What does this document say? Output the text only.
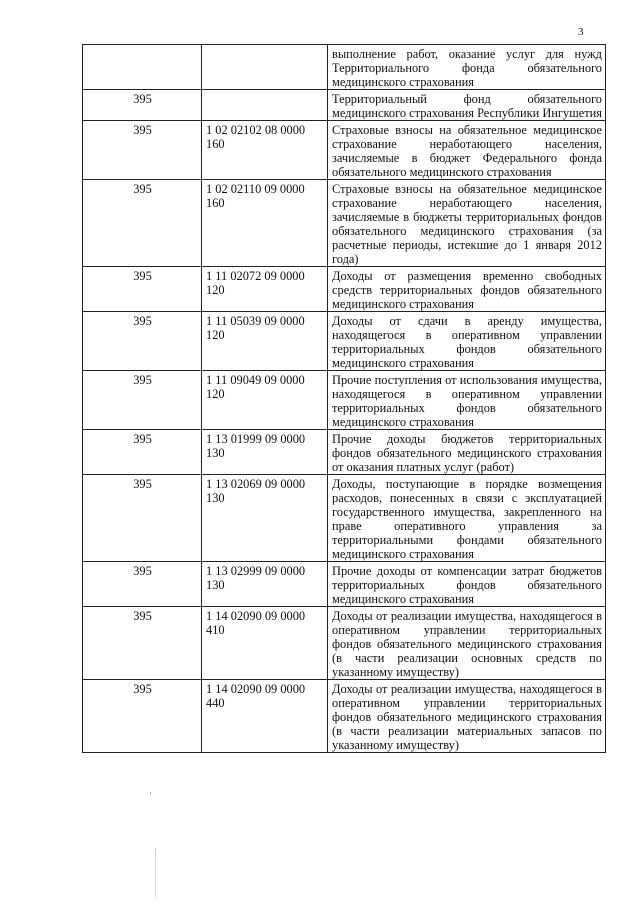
3
		выполнение работ, оказание услуг для нужд Территориального фонда обязательного медицинского страхования
395		Территориальный фонд обязательного медицинского страхования Республики Ингушетия
395	1 02 02102 08 0000 160	Страховые взносы на обязательное медицинское страхование неработающего населения, зачисляемые в бюджет Федерального фонда обязательного медицинского страхования
395	1 02 02110 09 0000 160	Страховые взносы на обязательное медицинское страхование неработающего населения, зачисляемые в бюджеты территориальных фондов обязательного медицинского страхования (за расчетные периоды, истекшие до 1 января 2012 года)
395	1 11 02072 09 0000 120	Доходы от размещения временно свободных средств территориальных фондов обязательного медицинского страхования
395	1 11 05039 09 0000 120	Доходы от сдачи в аренду имущества, находящегося в оперативном управлении территориальных фондов обязательного медицинского страхования
395	1 11 09049 09 0000 120	Прочие поступления от использования имущества, находящегося в оперативном управлении территориальных фондов обязательного медицинского страхования
395	1 13 01999 09 0000 130	Прочие доходы бюджетов территориальных фондов обязательного медицинского страхования от оказания платных услуг (работ)
395	1 13 02069 09 0000 130	Доходы, поступающие в порядке возмещения расходов, понесенных в связи с эксплуатацией государственного имущества, закрепленного на праве оперативного управления за территориальными фондами обязательного медицинского страхования
395	1 13 02999 09 0000 130	Прочие доходы от компенсации затрат бюджетов территориальных фондов обязательного медицинского страхования
395	1 14 02090 09 0000 410	Доходы от реализации имущества, находящегося в оперативном управлении территориальных фондов обязательного медицинского страхования (в части реализации основных средств по указанному имуществу)
395	1 14 02090 09 0000 440	Доходы от реализации имущества, находящегося в оперативном управлении территориальных фондов обязательного медицинского страхования (в части реализации материальных запасов по указанному имуществу)
